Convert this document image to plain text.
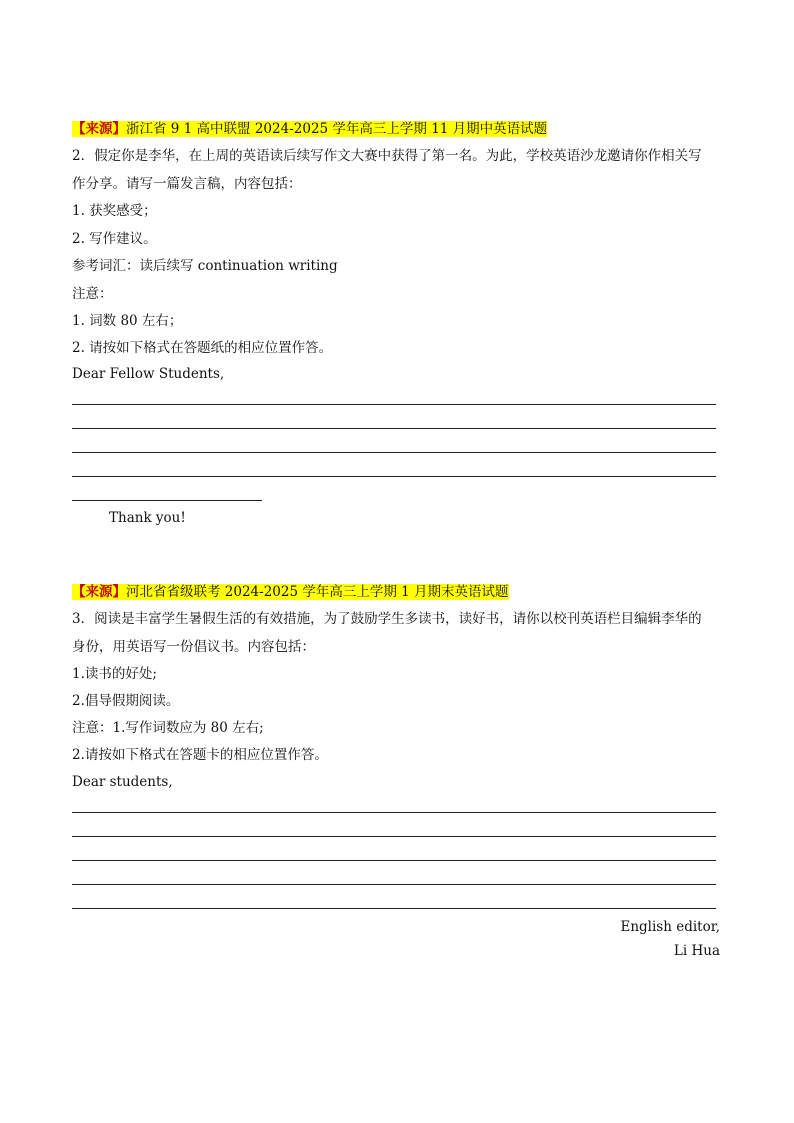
【来源】浙江省 9 1 高中联盟 2024-2025 学年高三上学期 11 月期中英语试题
2．假定你是李华，在上周的英语读后续写作文大赛中获得了第一名。为此，学校英语沙龙邀请你作相关写
作分享。请写一篇发言稿，内容包括：
1. 获奖感受；
2. 写作建议。
参考词汇：读后续写 continuation writing
注意：
1. 词数 80 左右；
2. 请按如下格式在答题纸的相应位置作答。
Dear Fellow Students,
Thank you!
【来源】河北省省级联考 2024-2025 学年高三上学期 1 月期末英语试题
3．阅读是丰富学生暑假生活的有效措施，为了鼓励学生多读书，读好书，请你以校刊英语栏目编辑李华的
身份，用英语写一份倡议书。内容包括：
1.读书的好处;
2.倡导假期阅读。
注意：1.写作词数应为 80 左右;
2.请按如下格式在答题卡的相应位置作答。
Dear students,
English editor,
Li Hua
